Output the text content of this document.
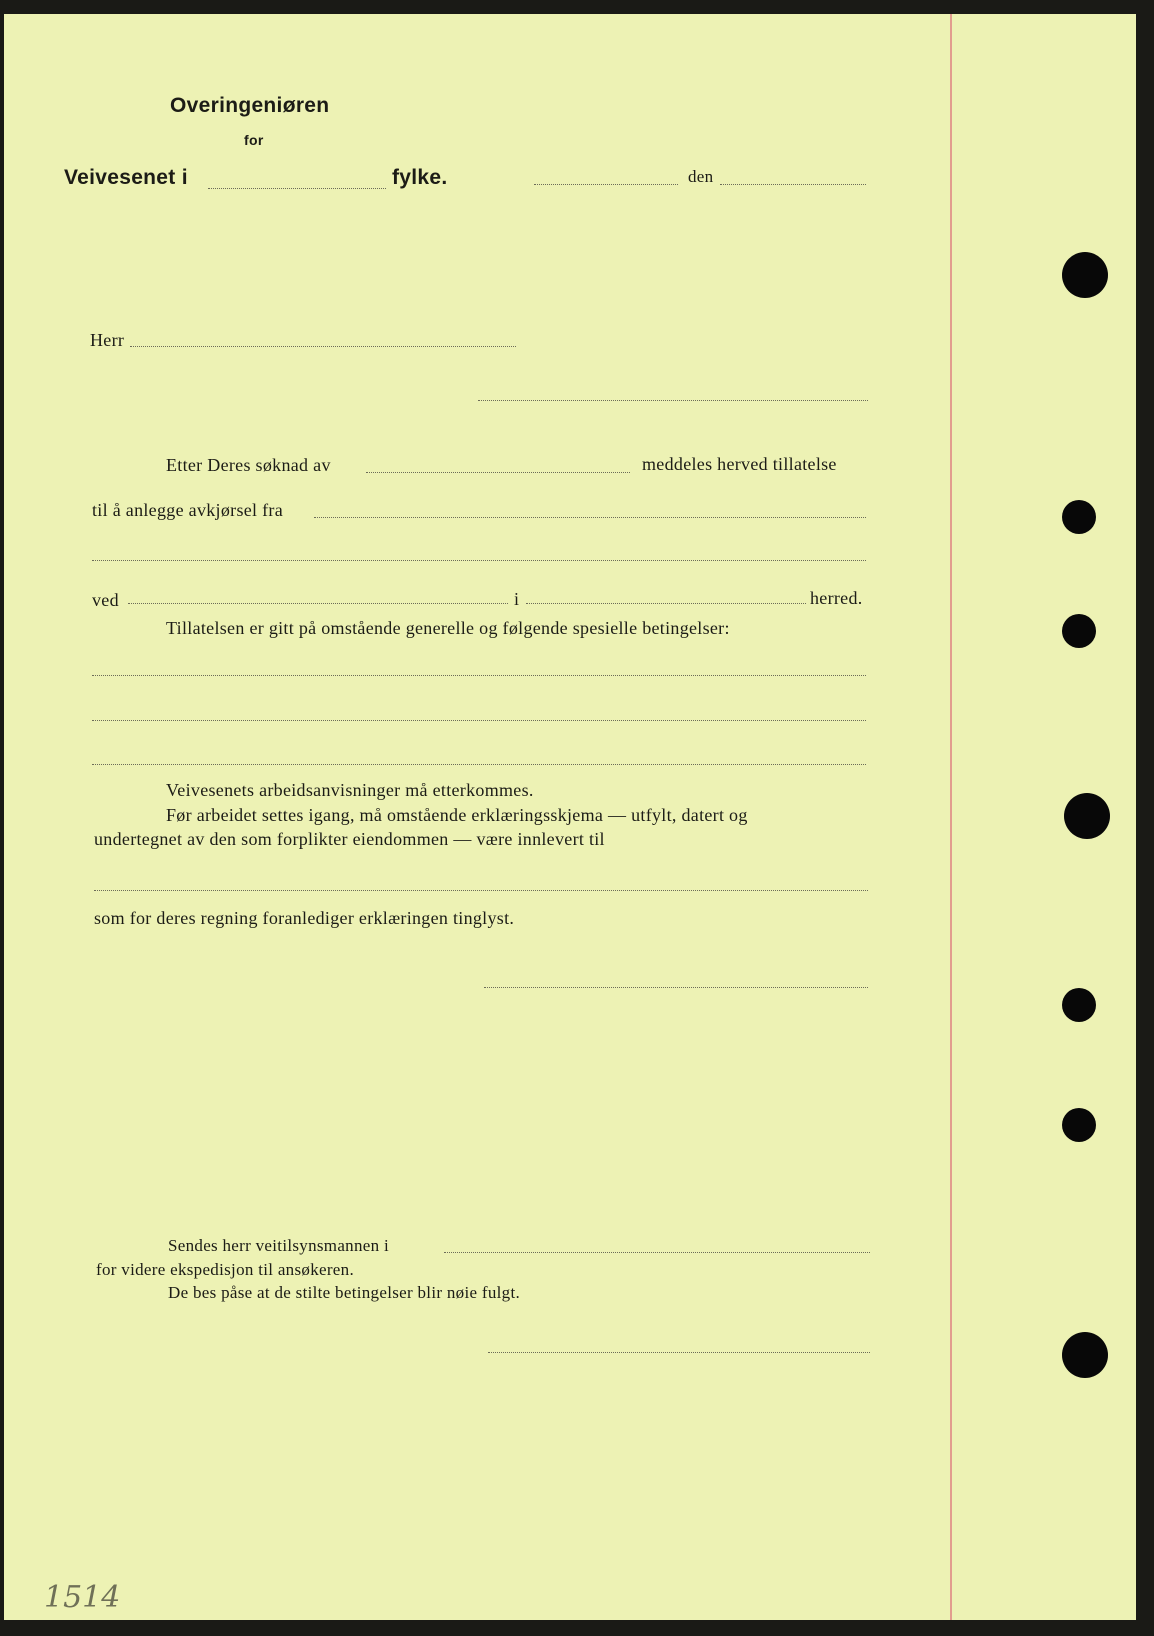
Overingeniøren
for
Veivesenet i	fylke.	den
Herr
Etter Deres søknad av	meddeles herved tillatelse
til å anlegge avkjørsel fra
ved	i	herred.
Tillatelsen er gitt på omstående generelle og følgende spesielle betingelser:
Veivesenets arbeidsanvisninger må etterkommes.
Før arbeidet settes igang, må omstående erklæringsskjema — utfylt, datert og
undertegnet av den som forplikter eiendommen — være innlevert til
som for deres regning foranlediger erklæringen tinglyst.
Sendes herr veitilsynsmannen i
for videre ekspedisjon til ansøkeren.
De bes påse at de stilte betingelser blir nøie fulgt.
1514
